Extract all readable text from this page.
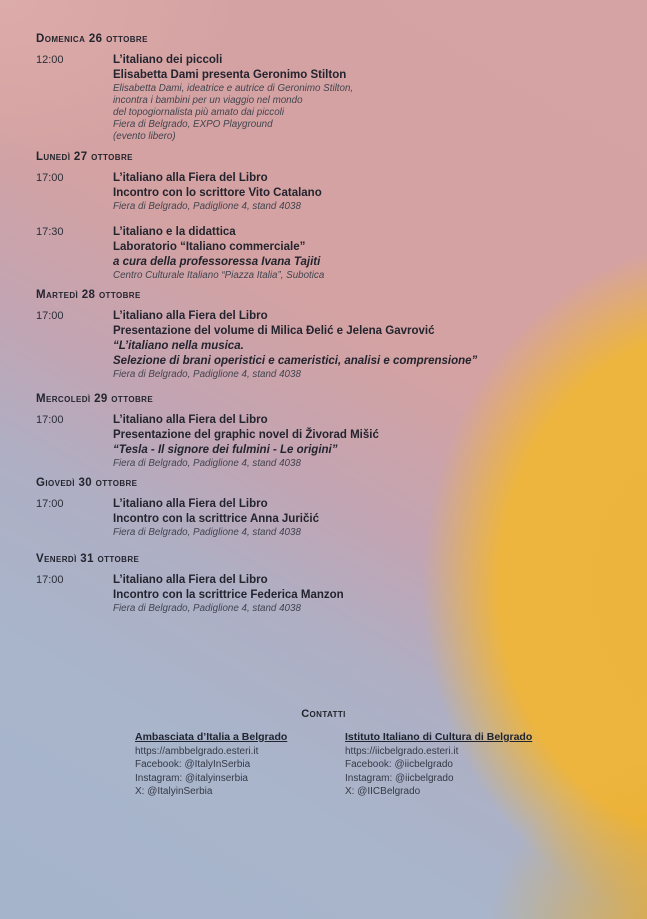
Domenica 26 ottobre
12:00	L’italiano dei piccoli
Elisabetta Dami presenta Geronimo Stilton
Elisabetta Dami, ideatrice e autrice di Geronimo Stilton,
incontra i bambini per un viaggio nel mondo
del topogiornalista più amato dai piccoli
Fiera di Belgrado, EXPO Playground
(evento libero)
Lunedì 27 ottobre
17:00	L’italiano alla Fiera del Libro
Incontro con lo scrittore Vito Catalano
Fiera di Belgrado, Padiglione 4, stand 4038
17:30	L’italiano e la didattica
Laboratorio “Italiano commerciale”
a cura della professoressa Ivana Tajiti
Centro Culturale Italiano “Piazza Italia”, Subotica
Martedì 28 ottobre
17:00	L’italiano alla Fiera del Libro
Presentazione del volume di Milica Đelić e Jelena Gavrović
“L’italiano nella musica.
Selezione di brani operistici e cameristici, analisi e comprensione”
Fiera di Belgrado, Padiglione 4, stand 4038
Mercoledì 29 ottobre
17:00	L’italiano alla Fiera del Libro
Presentazione del graphic novel di Živorad Mišić
“Tesla - Il signore dei fulmini - Le origini”
Fiera di Belgrado, Padiglione 4, stand 4038
Giovedì 30 ottobre
17:00	L’italiano alla Fiera del Libro
Incontro con la scrittrice Anna Juričić
Fiera di Belgrado, Padiglione 4, stand 4038
Venerdì 31 ottobre
17:00	L’italiano alla Fiera del Libro
Incontro con la scrittrice Federica Manzon
Fiera di Belgrado, Padiglione 4, stand 4038
Contatti
Ambasciata d’Italia a Belgrado
https://ambbelgrado.esteri.it
Facebook: @ItalyInSerbia
Instagram: @italyinserbia
X: @ItalyinSerbia
Istituto Italiano di Cultura di Belgrado
https://iicbelgrado.esteri.it
Facebook: @iicbelgrado
Instagram: @iicbelgrado
X: @IICBelgrado
